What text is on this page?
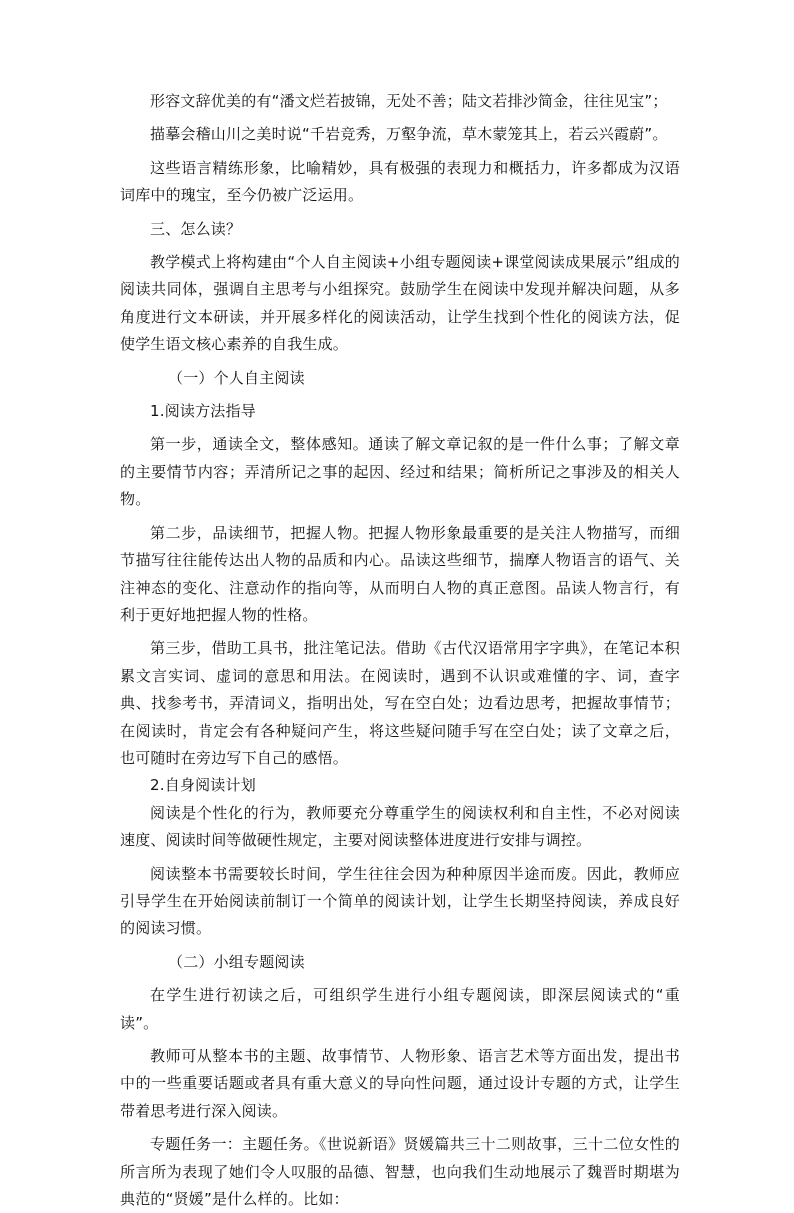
形容文辞优美的有“潘文烂若披锦，无处不善；陆文若排沙简金，往往见宝”；

描摹会稽山川之美时说“千岩竞秀，万壑争流，草木蒙笼其上，若云兴霞蔚”。

这些语言精练形象，比喻精妙，具有极强的表现力和概括力，许多都成为汉语词库中的瑰宝，至今仍被广泛运用。

三、怎么读？

教学模式上将构建由“个人自主阅读+小组专题阅读+课堂阅读成果展示”组成的阅读共同体，强调自主思考与小组探究。鼓励学生在阅读中发现并解决问题，从多角度进行文本研读，并开展多样化的阅读活动，让学生找到个性化的阅读方法，促使学生语文核心素养的自我生成。

（一）个人自主阅读

1.阅读方法指导

第一步，通读全文，整体感知。通读了解文章记叙的是一件什么事；了解文章的主要情节内容；弄清所记之事的起因、经过和结果；简析所记之事涉及的相关人物。

第二步，品读细节，把握人物。把握人物形象最重要的是关注人物描写，而细节描写往往能传达出人物的品质和内心。品读这些细节，揣摩人物语言的语气、关注神态的变化、注意动作的指向等，从而明白人物的真正意图。品读人物言行，有利于更好地把握人物的性格。

第三步，借助工具书，批注笔记法。借助《古代汉语常用字字典》，在笔记本积累文言实词、虚词的意思和用法。在阅读时，遇到不认识或难懂的字、词，查字典、找参考书，弄清词义，指明出处，写在空白处；边看边思考，把握故事情节；在阅读时，肯定会有各种疑问产生，将这些疑问随手写在空白处；读了文章之后，也可随时在旁边写下自己的感悟。

2.自身阅读计划

阅读是个性化的行为，教师要充分尊重学生的阅读权利和自主性，不必对阅读速度、阅读时间等做硬性规定，主要对阅读整体进度进行安排与调控。

阅读整本书需要较长时间，学生往往会因为种种原因半途而废。因此，教师应引导学生在开始阅读前制订一个简单的阅读计划，让学生长期坚持阅读，养成良好的阅读习惯。

（二）小组专题阅读

在学生进行初读之后，可组织学生进行小组专题阅读，即深层阅读式的“重读”。

教师可从整本书的主题、故事情节、人物形象、语言艺术等方面出发，提出书中的一些重要话题或者具有重大意义的导向性问题，通过设计专题的方式，让学生带着思考进行深入阅读。

专题任务一：主题任务。《世说新语》贤媛篇共三十二则故事，三十二位女性的所言所为表现了她们令人叹服的品德、智慧，也向我们生动地展示了魏晋时期堪为典范的“贤媛”是什么样的。比如：
